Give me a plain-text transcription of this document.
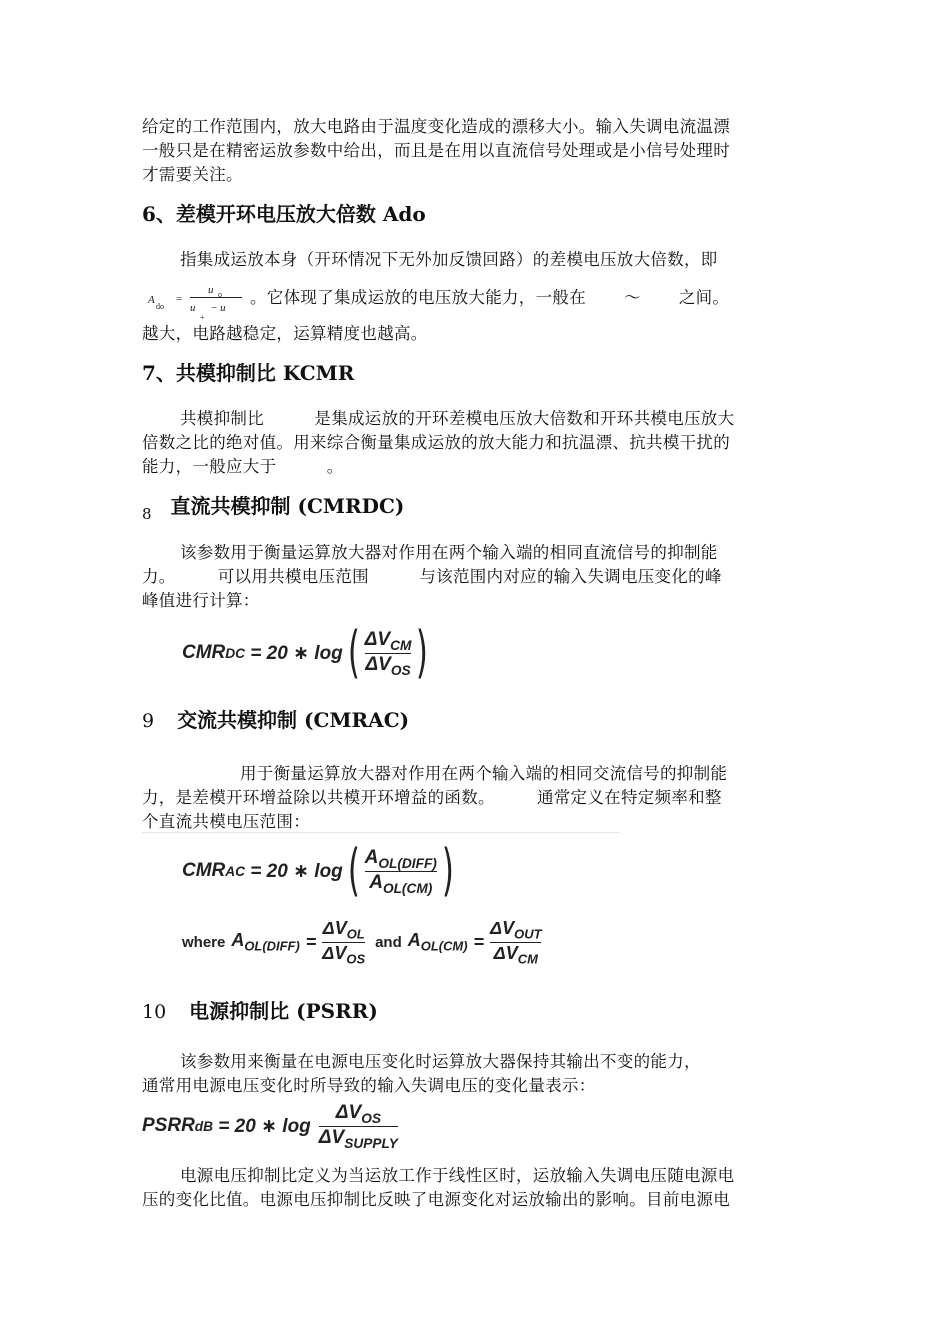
给定的工作范围内，放大电路由于温度变化造成的漂移大小。输入失调电流温漂
一般只是在精密运放参数中给出，而且是在用以直流信号处理或是小信号处理时
才需要关注。
6、差模开环电压放大倍数 Ado
指集成运放本身（开环情况下无外加反馈回路）的差模电压放大倍数，即
A
do
=
u o
u
+
− u
。它体现了集成运放的电压放大能力，一般在 ～ 之间。
越大，电路越稳定，运算精度也越高。
7、共模抑制比 KCMR
共模抑制比　　　是集成运放的开环差模电压放大倍数和开环共模电压放大
倍数之比的绝对值。用来综合衡量集成运放的放大能力和抗温漂、抗共模干扰的
能力，一般应大于　　　。
$_8$ 直流共模抑制 (CMRDC)
该参数用于衡量运算放大器对作用在两个输入端的相同直流信号的抑制能
力。　　　可以用共模电压范围　　　与该范围内对应的输入失调电压变化的峰
峰值进行计算：
CMR DC = 20 ∗ log ( $\frac{\Delta V_{CM}}{\Delta V_{OS}}$ )
9 交流共模抑制 (CMRAC)
用于衡量运算放大器对作用在两个输入端的相同交流信号的抑制能
力，是差模开环增益除以共模开环增益的函数。　　　通常定义在特定频率和整
个直流共模电压范围：
CMR AC = 20 ∗ log ( $\frac{A_{OL(DIFF)}}{A_{OL(CM)}}$ )
where $A_{OL(DIFF)} = \frac{\Delta V_{OL}}{\Delta V_{OS}}$ and $A_{OL(CM)} = \frac{\Delta V_{OUT}}{\Delta V_{CM}}$
10 电源抑制比 (PSRR)
该参数用来衡量在电源电压变化时运算放大器保持其输出不变的能力，
通常用电源电压变化时所导致的输入失调电压的变化量表示：
PSRR dB = 20 ∗ $\log \frac{\Delta V_{OS}}{\Delta V_{SUPPLY}}$
电源电压抑制比定义为当运放工作于线性区时，运放输入失调电压随电源电
压的变化比值。电源电压抑制比反映了电源变化对运放输出的影响。目前电源电
